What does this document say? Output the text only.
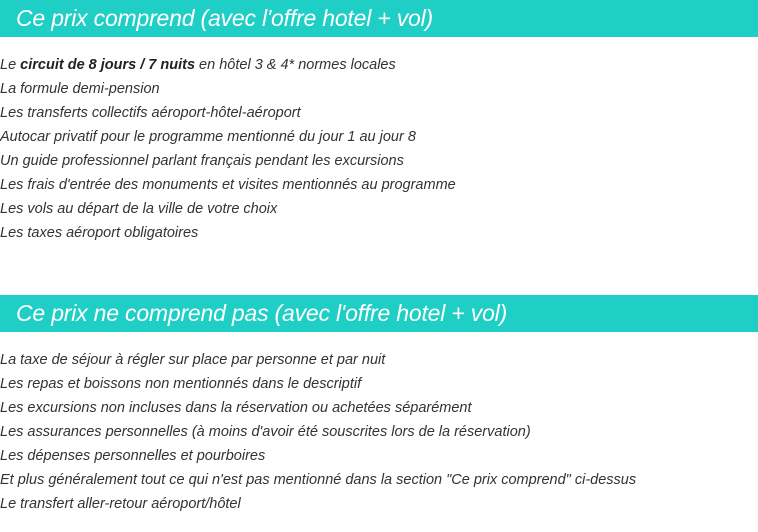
Ce prix comprend (avec l'offre hotel + vol)
Le circuit de 8 jours / 7 nuits en hôtel 3 & 4* normes locales
La formule demi-pension
Les transferts collectifs aéroport-hôtel-aéroport
Autocar privatif pour le programme mentionné du jour 1 au jour 8
Un guide professionnel parlant français pendant les excursions
Les frais d'entrée des monuments et visites mentionnés au programme
Les vols au départ de la ville de votre choix
Les taxes aéroport obligatoires
Ce prix ne comprend pas (avec l'offre hotel + vol)
La taxe de séjour à régler sur place par personne et par nuit
Les repas et boissons non mentionnés dans le descriptif
Les excursions non incluses dans la réservation ou achetées séparément
Les assurances personnelles (à moins d'avoir été souscrites lors de la réservation)
Les dépenses personnelles et pourboires
Et plus généralement tout ce qui n'est pas mentionné dans la section "Ce prix comprend" ci-dessus
Le transfert aller-retour aéroport/hôtel
